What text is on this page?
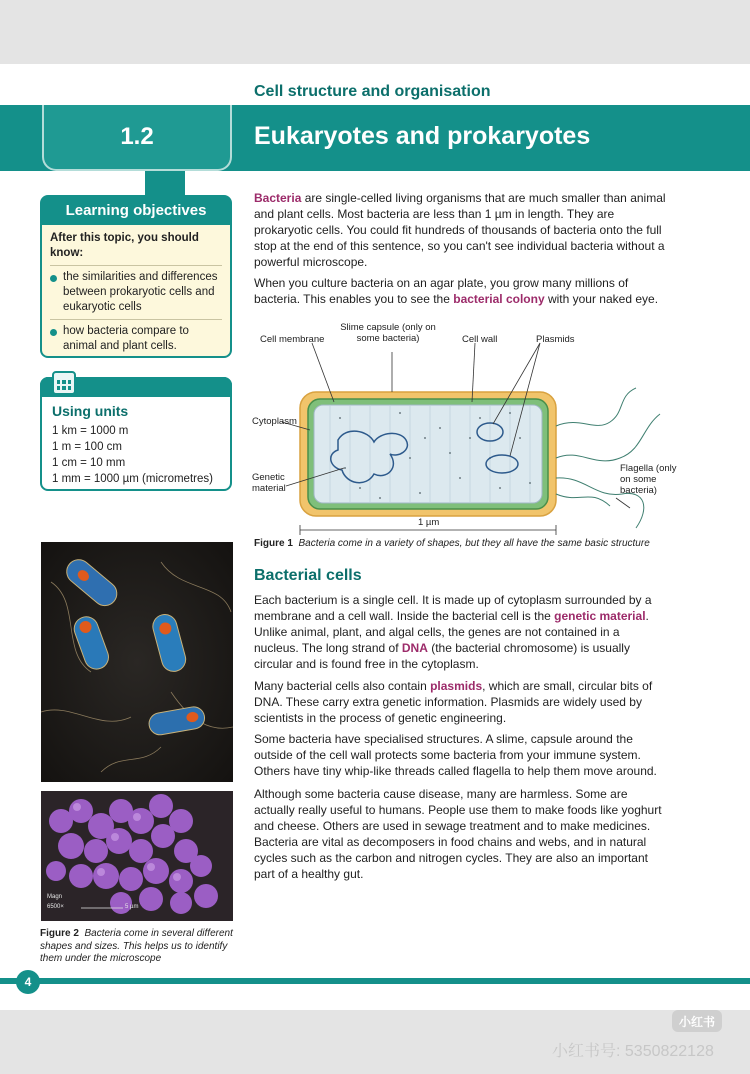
Cell structure and organisation
1.2	Eukaryotes and prokaryotes
Learning objectives
After this topic, you should know:
the similarities and differences between prokaryotic cells and eukaryotic cells
how bacteria compare to animal and plant cells.
Using units
1 km = 1000 m
1 m = 100 cm
1 cm = 10 mm
1 mm = 1000 µm (micrometres)
Bacteria are single-celled living organisms that are much smaller than animal and plant cells. Most bacteria are less than 1 µm in length. They are prokaryotic cells. You could fit hundreds of thousands of bacteria onto the full stop at the end of this sentence, so you can't see individual bacteria without a powerful microscope.
When you culture bacteria on an agar plate, you grow many millions of bacteria. This enables you to see the bacterial colony with your naked eye.
Cell membrane
Slime capsule (only on some bacteria)	Cell wall	Plasmids
Cytoplasm
Genetic material
Flagella (only on some bacteria)
1 µm
Figure 1 Bacteria come in a variety of shapes, but they all have the same basic structure
Bacterial cells
Each bacterium is a single cell. It is made up of cytoplasm surrounded by a membrane and a cell wall. Inside the bacterial cell is the genetic material. Unlike animal, plant, and algal cells, the genes are not contained in a nucleus. The long strand of DNA (the bacterial chromosome) is usually circular and is found free in the cytoplasm.
Many bacterial cells also contain plasmids, which are small, circular bits of DNA. These carry extra genetic information. Plasmids are widely used by scientists in the process of genetic engineering.
Some bacteria have specialised structures. A slime, capsule around the outside of the cell wall protects some bacteria from your immune system. Others have tiny whip-like threads called flagella to help them move around.
Although some bacteria cause disease, many are harmless. Some are actually really useful to humans. People use them to make foods like yoghurt and cheese. Others are used in sewage treatment and to make medicines. Bacteria are vital as decomposers in food chains and webs, and in natural cycles such as the carbon and nitrogen cycles. They are also an important part of a healthy gut.
Magn
6500×	5 µm
Figure 2 Bacteria come in several different shapes and sizes. This helps us to identify them under the microscope
4
小红书
小红书号: 5350822128
